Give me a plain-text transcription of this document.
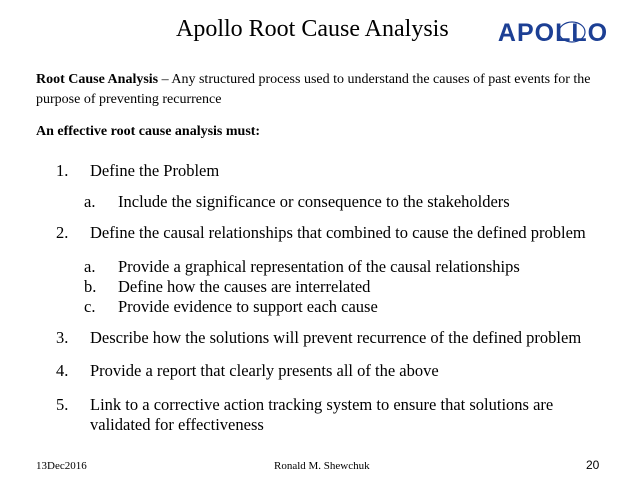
Apollo Root Cause Analysis APOLLO
Root Cause Analysis – Any structured process used to understand the causes of past events for the purpose of preventing recurrence
An effective root cause analysis must:
1. Define the Problem
a. Include the significance or consequence to the stakeholders
2. Define the causal relationships that combined to cause the defined problem
a. Provide a graphical representation of the causal relationships
b. Define how the causes are interrelated
c. Provide evidence to support each cause
3. Describe how the solutions will prevent recurrence of the defined problem
4. Provide a report that clearly presents all of the above
5. Link to a corrective action tracking system to ensure that solutions are
validated for effectiveness
13Dec2016	Ronald M. Shewchuk	20
